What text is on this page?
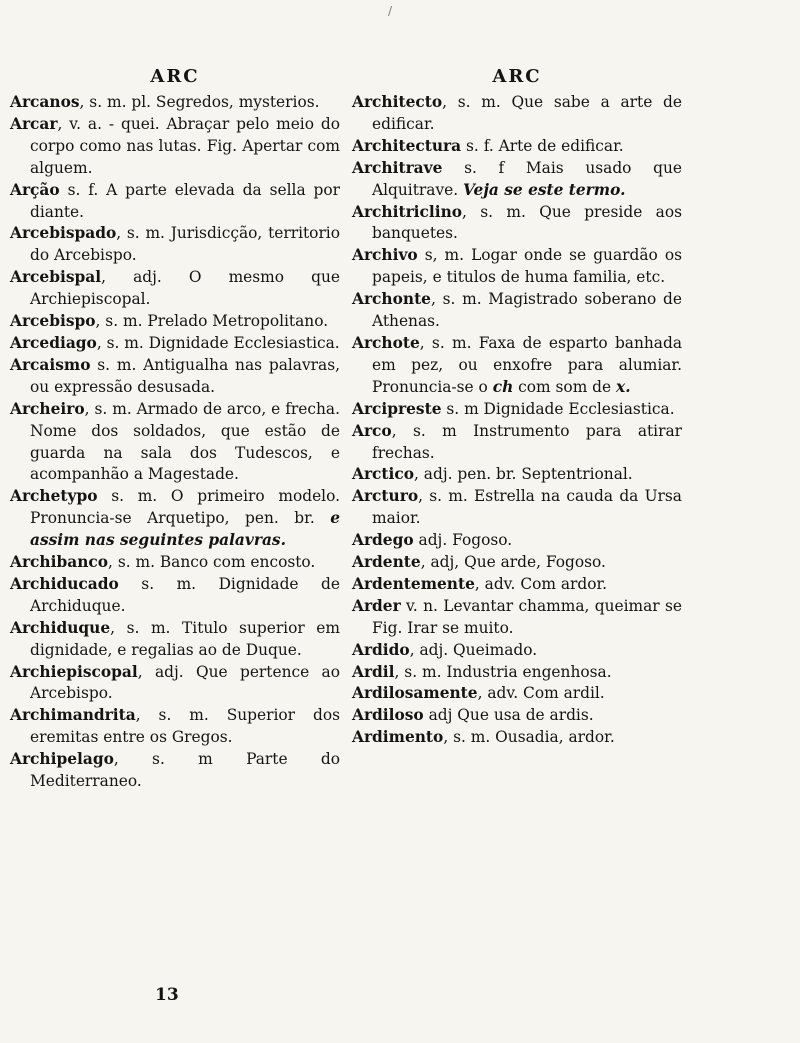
/
ARC
Arcanos, s. m. pl. Segredos, mysterios.
Arcar, v. a. - quei. Abraçar pelo meio do corpo como nas lutas. Fig. Apertar com alguem.
Arção s. f. A parte elevada da sella por diante.
Arcebispado, s. m. Jurisdicção, territorio do Arcebispo.
Arcebispal, adj. O mesmo que Archiepiscopal.
Arcebispo, s. m. Prelado Metropolitano.
Arcediago, s. m. Dignidade Ecclesiastica.
Arcaismo s. m. Antigualha nas palavras, ou expressão desusada.
Archeiro, s. m. Armado de arco, e frecha. Nome dos soldados, que estão de guarda na sala dos Tudescos, e acompanhão a Magestade.
Archetypo s. m. O primeiro modelo. Pronuncia-se Arquetipo, pen. br. e assim nas seguintes palavras.
Archibanco, s. m. Banco com encosto.
Archiducado s. m. Dignidade de Archiduque.
Archiduque, s. m. Titulo superior em dignidade, e regalias ao de Duque.
Archiepiscopal, adj. Que pertence ao Arcebispo.
Archimandrita, s. m. Superior dos eremitas entre os Gregos.
Archipelago, s. m Parte do Mediterraneo.
ARC
Architecto, s. m. Que sabe a arte de edificar.
Architectura s. f. Arte de edificar.
Architrave s. f Mais usado que Alquitrave. Veja se este termo.
Architriclino, s. m. Que preside aos banquetes.
Archivo s, m. Logar onde se guardão os papeis, e titulos de huma familia, etc.
Archonte, s. m. Magistrado soberano de Athenas.
Archote, s. m. Faxa de esparto banhada em pez, ou enxofre para alumiar. Pronuncia-se o ch com som de x.
Arcipreste s. m Dignidade Ecclesiastica.
Arco, s. m Instrumento para atirar frechas.
Arctico, adj. pen. br. Septentrional.
Arcturo, s. m. Estrella na cauda da Ursa maior.
Ardego adj. Fogoso.
Ardente, adj, Que arde, Fogoso.
Ardentemente, adv. Com ardor.
Arder v. n. Levantar chamma, queimar se Fig. Irar se muito.
Ardido, adj. Queimado.
Ardil, s. m. Industria engenhosa.
Ardilosamente, adv. Com ardil.
Ardiloso adj Que usa de ardis.
Ardimento, s. m. Ousadia, ardor.
13
